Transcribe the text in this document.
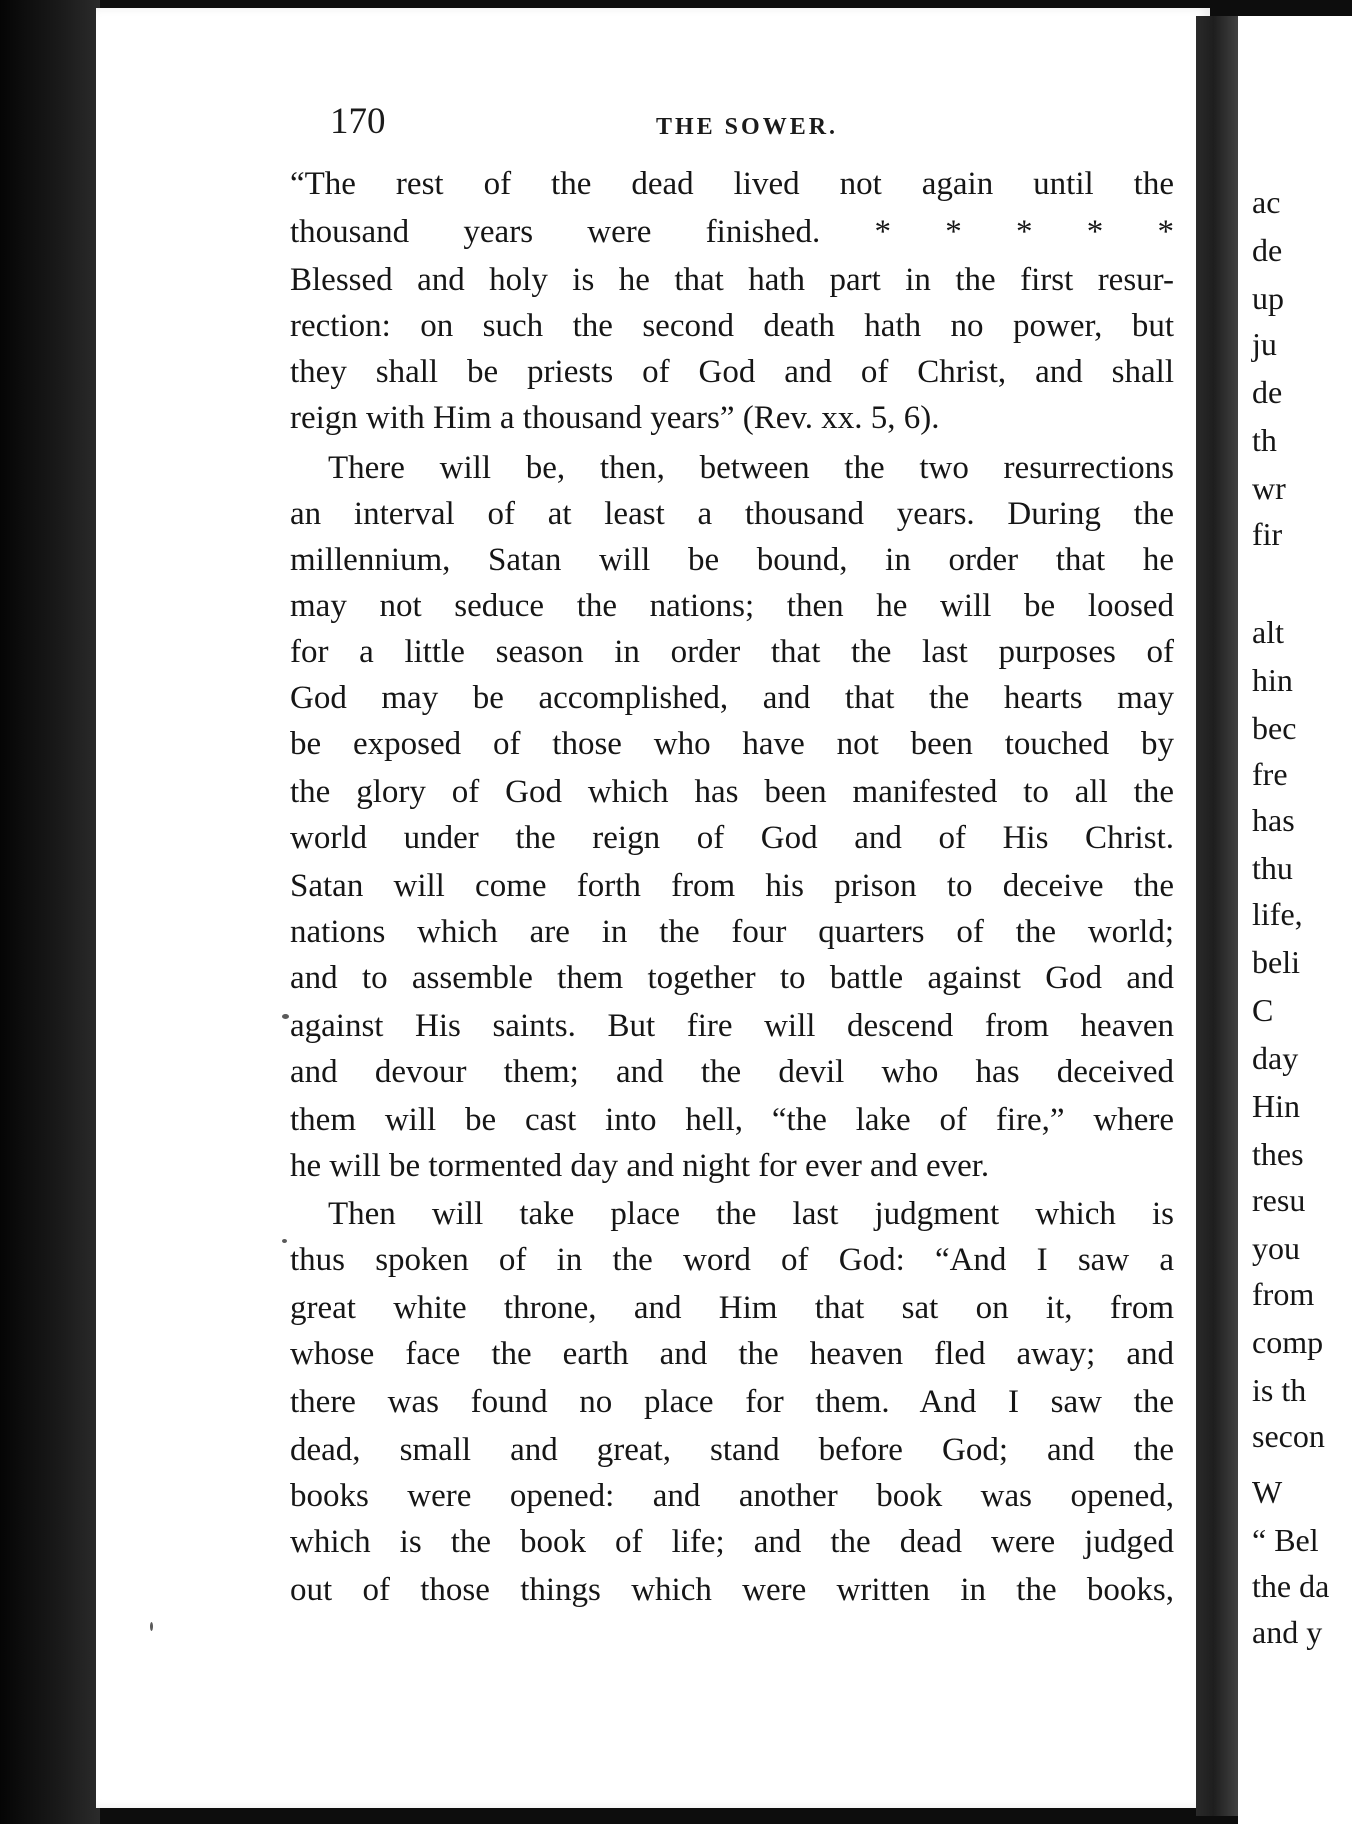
170	THE SOWER.
“The rest of the dead lived not again until the
thousand years were finished. * * * * *
Blessed and holy is he that hath part in the first resur-
rection: on such the second death hath no power, but
they shall be priests of God and of Christ, and shall
reign with Him a thousand years” (Rev. xx. 5, 6).
There will be, then, between the two resurrections
an interval of at least a thousand years. During the
millennium, Satan will be bound, in order that he
may not seduce the nations; then he will be loosed
for a little season in order that the last purposes of
God may be accomplished, and that the hearts may
be exposed of those who have not been touched by
the glory of God which has been manifested to all the
world under the reign of God and of His Christ.
Satan will come forth from his prison to deceive the
nations which are in the four quarters of the world;
and to assemble them together to battle against God and
against His saints. But fire will descend from heaven
and devour them; and the devil who has deceived
them will be cast into hell, “the lake of fire,” where
he will be tormented day and night for ever and ever.
Then will take place the last judgment which is
thus spoken of in the word of God: “And I saw a
great white throne, and Him that sat on it, from
whose face the earth and the heaven fled away; and
there was found no place for them. And I saw the
dead, small and great, stand before God; and the
books were opened: and another book was opened,
which is the book of life; and the dead were judged
out of those things which were written in the books,
ac
de
up
ju
de
th
wr
fir
alt
hin
bec
fre
has
thu
life,
beli
C
day
Hin
thes
resu
you
from
comp
is th
secon
W
“ Bel
the da
and y
